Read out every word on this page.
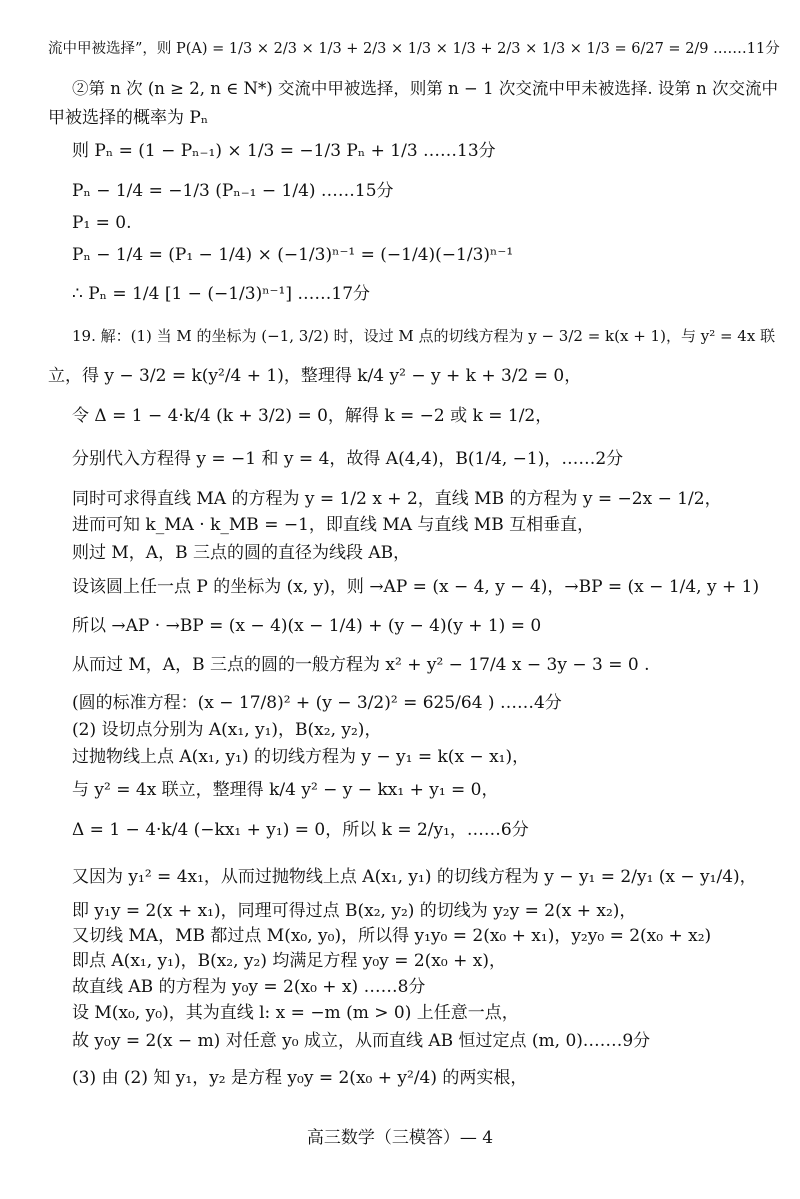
流中甲被选择”，则 P(A) = 1/3 × 2/3 × 1/3 + 2/3 × 1/3 × 1/3 + 2/3 × 1/3 × 1/3 = 6/27 = 2/9 .……11分
②第 n 次 (n ≥ 2, n ∈ N*) 交流中甲被选择，则第 n − 1 次交流中甲未被选择. 设第 n 次交流中
甲被选择的概率为 Pₙ
则 Pₙ = (1 − Pₙ₋₁) × 1/3 = −1/3 Pₙ + 1/3 ……13分
Pₙ − 1/4 = −1/3 (Pₙ₋₁ − 1/4) ……15分
P₁ = 0.
Pₙ − 1/4 = (P₁ − 1/4) × (−1/3)ⁿ⁻¹ = (−1/4)(−1/3)ⁿ⁻¹
∴ Pₙ = 1/4 [1 − (−1/3)ⁿ⁻¹] ……17分
19. 解：(1) 当 M 的坐标为 (−1, 3/2) 时，设过 M 点的切线方程为 y − 3/2 = k(x + 1)，与 y² = 4x 联
立，得 y − 3/2 = k(y²/4 + 1)，整理得 k/4 y² − y + k + 3/2 = 0，
令 Δ = 1 − 4·k/4 (k + 3/2) = 0，解得 k = −2 或 k = 1/2，
分别代入方程得 y = −1 和 y = 4，故得 A(4,4)，B(1/4, −1)，……2分
同时可求得直线 MA 的方程为 y = 1/2 x + 2，直线 MB 的方程为 y = −2x − 1/2，
进而可知 k_MA · k_MB = −1，即直线 MA 与直线 MB 互相垂直，
则过 M，A，B 三点的圆的直径为线段 AB，
设该圆上任一点 P 的坐标为 (x, y)，则 →AP = (x − 4, y − 4)，→BP = (x − 1/4, y + 1)
所以 →AP · →BP = (x − 4)(x − 1/4) + (y − 4)(y + 1) = 0
从而过 M，A，B 三点的圆的一般方程为 x² + y² − 17/4 x − 3y − 3 = 0 .
(圆的标准方程：(x − 17/8)² + (y − 3/2)² = 625/64 ) ……4分
(2) 设切点分别为 A(x₁, y₁)，B(x₂, y₂)，
过抛物线上点 A(x₁, y₁) 的切线方程为 y − y₁ = k(x − x₁)，
与 y² = 4x 联立，整理得 k/4 y² − y − kx₁ + y₁ = 0，
Δ = 1 − 4·k/4 (−kx₁ + y₁) = 0，所以 k = 2/y₁，……6分
又因为 y₁² = 4x₁，从而过抛物线上点 A(x₁, y₁) 的切线方程为 y − y₁ = 2/y₁ (x − y₁/4)，
即 y₁y = 2(x + x₁)，同理可得过点 B(x₂, y₂) 的切线为 y₂y = 2(x + x₂)，
又切线 MA，MB 都过点 M(x₀, y₀)，所以得 y₁y₀ = 2(x₀ + x₁)，y₂y₀ = 2(x₀ + x₂)
即点 A(x₁, y₁)，B(x₂, y₂) 均满足方程 y₀y = 2(x₀ + x)，
故直线 AB 的方程为 y₀y = 2(x₀ + x) ……8分
设 M(x₀, y₀)，其为直线 l: x = −m (m > 0) 上任意一点，
故 y₀y = 2(x − m) 对任意 y₀ 成立，从而直线 AB 恒过定点 (m, 0).……9分
(3) 由 (2) 知 y₁，y₂ 是方程 y₀y = 2(x₀ + y²/4) 的两实根，
高三数学（三模答）— 4
